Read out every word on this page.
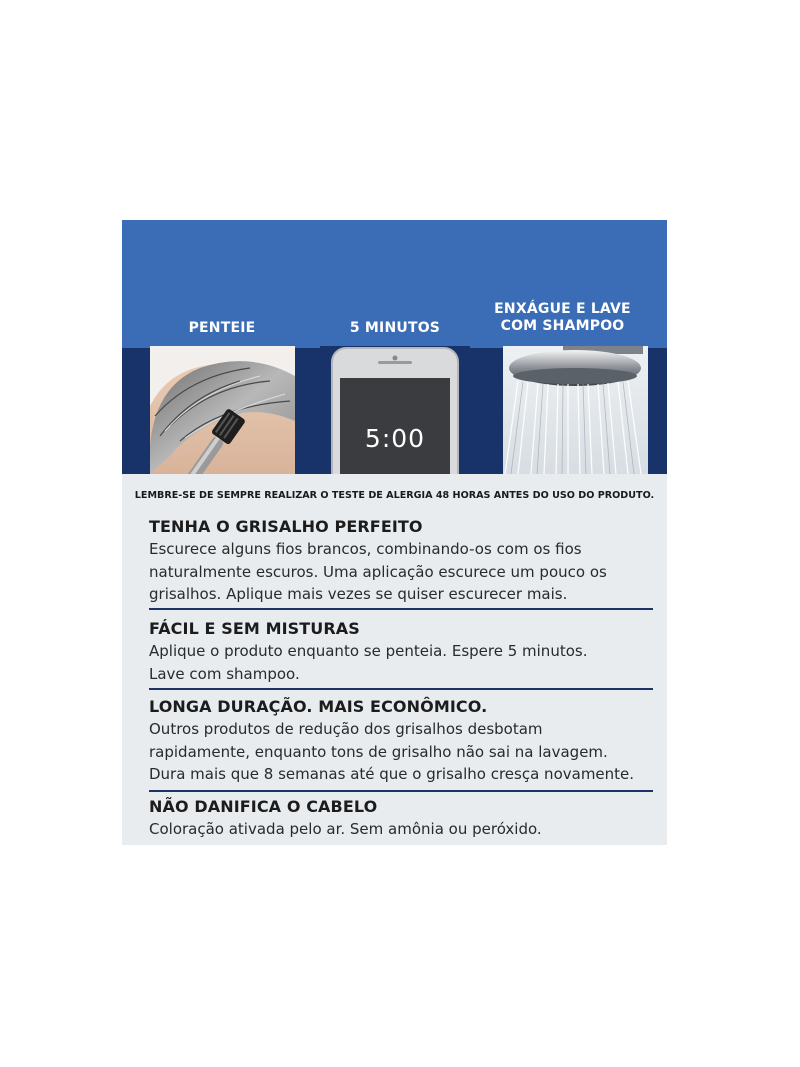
PENTEIE	5 MINUTOS
ENXÁGUE E LAVE COM SHAMPOO
5:00
LEMBRE-SE DE SEMPRE REALIZAR O TESTE DE ALERGIA 48 HORAS ANTES DO USO DO PRODUTO.
TENHA O GRISALHO PERFEITO

Escurece alguns fios brancos, combinando-os com os fios

naturalmente escuros. Uma aplicação escurece um pouco os

grisalhos. Aplique mais vezes se quiser escurecer mais.

FÁCIL E SEM MISTURAS

Aplique o produto enquanto se penteia. Espere 5 minutos.

Lave com shampoo.

LONGA DURAÇÃO. MAIS ECONÔMICO.

Outros produtos de redução dos grisalhos desbotam

rapidamente, enquanto tons de grisalho não sai na lavagem.

Dura mais que 8 semanas até que o grisalho cresça novamente.

NÃO DANIFICA O CABELO

Coloração ativada pelo ar. Sem amônia ou peróxido.
